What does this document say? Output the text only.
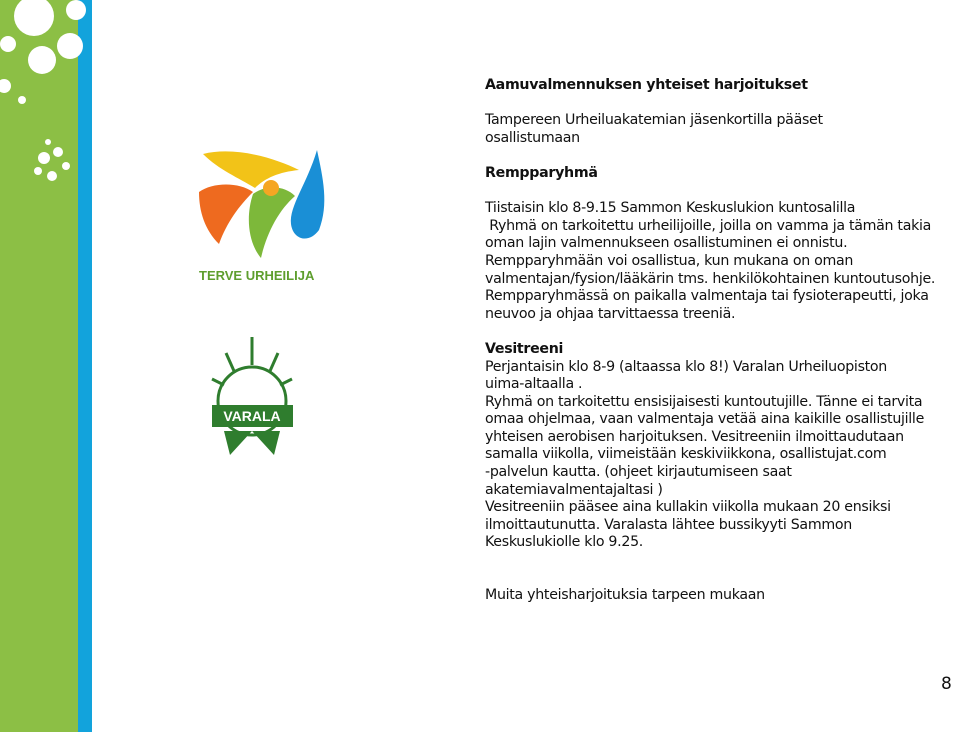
TERVE URHEILIJA
VARALA

Aamuvalmennuksen yhteiset harjoitukset

Tampereen Urheiluakatemian jäsenkortilla pääset

osallistumaan

Rempparyhmä

Tiistaisin klo 8-9.15 Sammon Keskuslukion kuntosalilla

Ryhmä on tarkoitettu urheilijoille, joilla on vamma ja tämän takia

oman lajin valmennukseen osallistuminen ei onnistu.

Rempparyhmään voi osallistua, kun mukana on oman

valmentajan/fysion/lääkärin tms. henkilökohtainen kuntoutusohje.

Rempparyhmässä on paikalla valmentaja tai fysioterapeutti, joka

neuvoo ja ohjaa tarvittaessa treeniä.

Vesitreeni

Perjantaisin klo 8-9 (altaassa klo 8!) Varalan Urheiluopiston

uima-altaalla .

Ryhmä on tarkoitettu ensisijaisesti kuntoutujille. Tänne ei tarvita

omaa ohjelmaa, vaan valmentaja vetää aina kaikille osallistujille

yhteisen aerobisen harjoituksen. Vesitreeniin ilmoittaudutaan

samalla viikolla, viimeistään keskiviikkona, osallistujat.com

-palvelun kautta. (ohjeet kirjautumiseen saat

akatemiavalmentajaltasi )

Vesitreeniin pääsee aina kullakin viikolla mukaan 20 ensiksi

ilmoittautunutta. Varalasta lähtee bussikyyti Sammon

Keskuslukiolle klo 9.25.

Muita yhteisharjoituksia tarpeen mukaan

8
